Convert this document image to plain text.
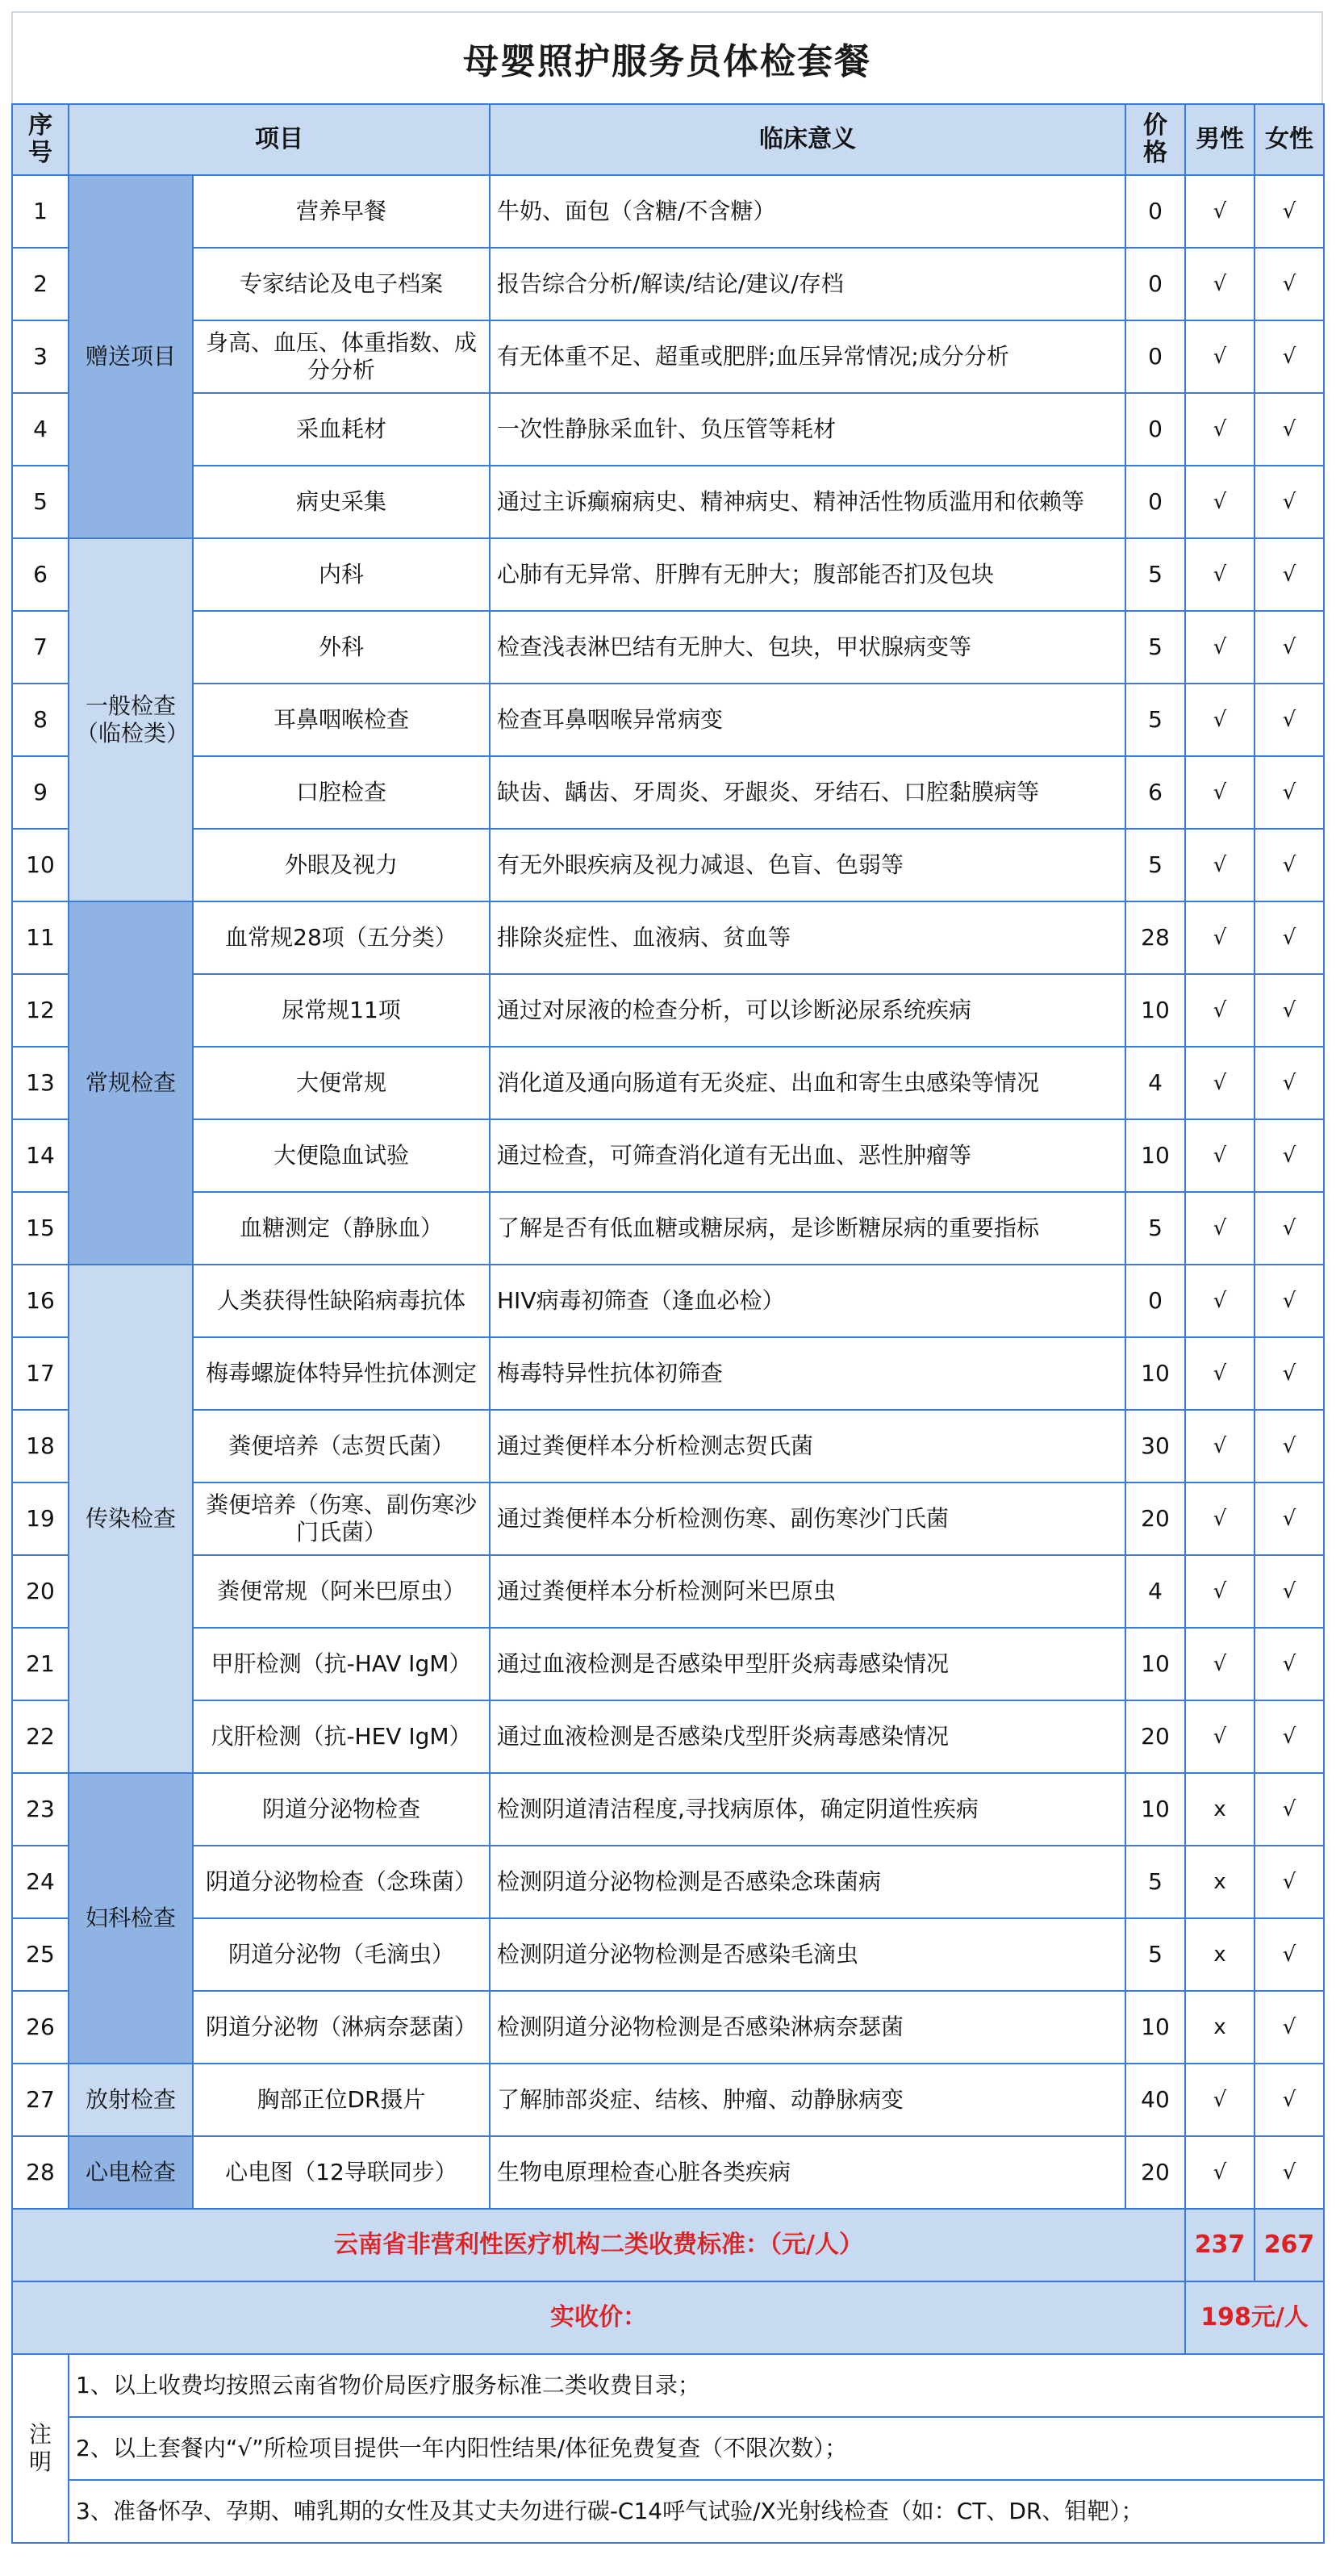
母婴照护服务员体检套餐
序号	项目		临床意义	价格	男性	女性
1	赠送项目	营养早餐	牛奶、面包（含糖/不含糖）	0	√	√
2		专家结论及电子档案	报告综合分析/解读/结论/建议/存档	0	√	√
3		身高、血压、体重指数、成分分析	有无体重不足、超重或肥胖;血压异常情况;成分分析	0	√	√
4		采血耗材	一次性静脉采血针、负压管等耗材	0	√	√
5		病史采集	通过主诉癫痫病史、精神病史、精神活性物质滥用和依赖等	0	√	√
6	一般检查（临检类）	内科	心肺有无异常、肝脾有无肿大；腹部能否扪及包块	5	√	√
7		外科	检查浅表淋巴结有无肿大、包块，甲状腺病变等	5	√	√
8		耳鼻咽喉检查	检查耳鼻咽喉异常病变	5	√	√
9		口腔检查	缺齿、龋齿、牙周炎、牙龈炎、牙结石、口腔黏膜病等	6	√	√
10		外眼及视力	有无外眼疾病及视力减退、色盲、色弱等	5	√	√
11	常规检查	血常规28项（五分类）	排除炎症性、血液病、贫血等	28	√	√
12		尿常规11项	通过对尿液的检查分析，可以诊断泌尿系统疾病	10	√	√
13		大便常规	消化道及通向肠道有无炎症、出血和寄生虫感染等情况	4	√	√
14		大便隐血试验	通过检查，可筛查消化道有无出血、恶性肿瘤等	10	√	√
15		血糖测定（静脉血）	了解是否有低血糖或糖尿病，是诊断糖尿病的重要指标	5	√	√
16	传染检查	人类获得性缺陷病毒抗体	HIV病毒初筛查（逢血必检）	0	√	√
17		梅毒螺旋体特异性抗体测定	梅毒特异性抗体初筛查	10	√	√
18		粪便培养（志贺氏菌）	通过粪便样本分析检测志贺氏菌	30	√	√
19		粪便培养（伤寒、副伤寒沙门氏菌）	通过粪便样本分析检测伤寒、副伤寒沙门氏菌	20	√	√
20		粪便常规（阿米巴原虫）	通过粪便样本分析检测阿米巴原虫	4	√	√
21		甲肝检测（抗-HAV IgM）	通过血液检测是否感染甲型肝炎病毒感染情况	10	√	√
22		戊肝检测（抗-HEV IgM）	通过血液检测是否感染戊型肝炎病毒感染情况	20	√	√
23	妇科检查	阴道分泌物检查	检测阴道清洁程度,寻找病原体，确定阴道性疾病	10	x	√
24		阴道分泌物检查（念珠菌）	检测阴道分泌物检测是否感染念珠菌病	5	x	√
25		阴道分泌物（毛滴虫）	检测阴道分泌物检测是否感染毛滴虫	5	x	√
26		阴道分泌物（淋病奈瑟菌）	检测阴道分泌物检测是否感染淋病奈瑟菌	10	x	√
27	放射检查	胸部正位DR摄片	了解肺部炎症、结核、肿瘤、动静脉病变	40	√	√
28	心电检查	心电图（12导联同步）	生物电原理检查心脏各类疾病	20	√	√
云南省非营利性医疗机构二类收费标准：（元/人）					237	267
实收价：					198元/人	
注明	1、以上收费均按照云南省物价局医疗服务标准二类收费目录；					
	2、以上套餐内“√”所检项目提供一年内阳性结果/体征免费复查（不限次数）；					
	3、准备怀孕、孕期、哺乳期的女性及其丈夫勿进行碳-C14呼气试验/X光射线检查（如：CT、DR、钼靶）；					
